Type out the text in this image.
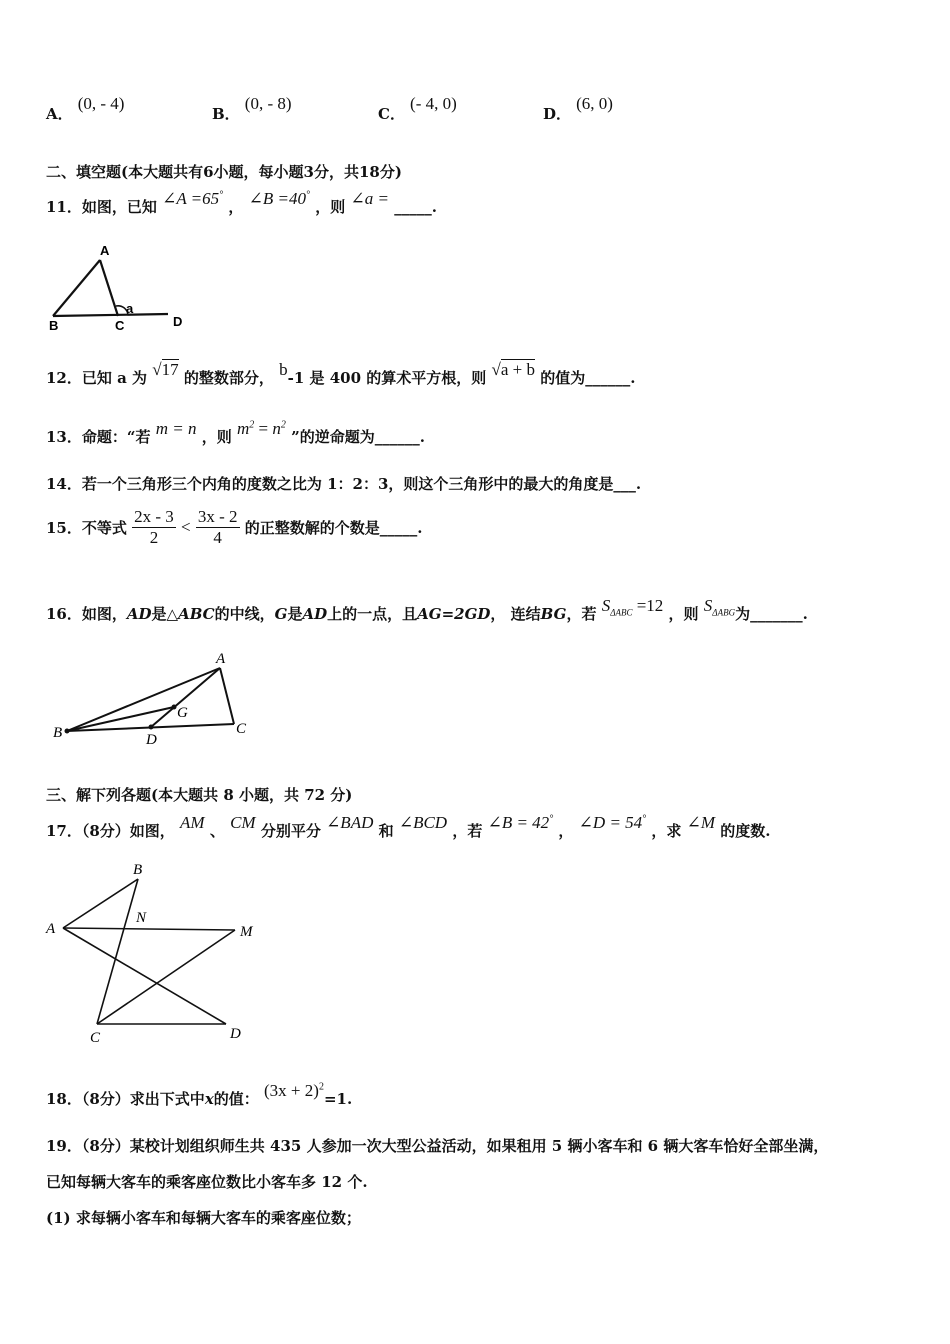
A． (0, - 4)
B． (0, - 8)
C． (- 4, 0)
D． (6, 0)
二、填空题(本大题共有6小题，每小题3分，共18分)
11．如图，已知 ∠A =65° ， ∠B =40° ，则 ∠a = _____.
A
B	C	D
a
12．已知 a 为 √17 的整数部分， b-1 是 400 的算术平方根，则 √a + b 的值为______.
13．命题：“若 m = n ，则 $m^2 = n^2$ ”的逆命题为______.
14．若一个三角形三个内角的度数之比为 1：2：3，则这个三角形中的最大的角度是___.
15．不等式 $\frac{2x - 3}{2} < \frac{3x - 2}{4}$ 的正整数解的个数是_____.
16．如图，AD是△ABC的中线，G是AD上的一点，且AG=2GD， 连结BG，若 $S_{\Delta ABC} =12$ ，则 $S_{\Delta ABG}$为_______.
A
B	C
D
G
三、解下列各题(本大题共 8 小题，共 72 分)
17．（8分）如图， AM 、 CM 分别平分 ∠BAD 和 ∠BCD ，若 ∠B = 42° ， ∠D = 54° ，求 ∠M 的度数.
A
B
C	D
M
N
18．（8分）求出下式中x的值： $(3x + 2)^2=1$.
19．（8分）某校计划组织师生共 435 人参加一次大型公益活动，如果租用 5 辆小客车和 6 辆大客车恰好全部坐满，
已知每辆大客车的乘客座位数比小客车多 12 个.
(1) 求每辆小客车和每辆大客车的乘客座位数；
